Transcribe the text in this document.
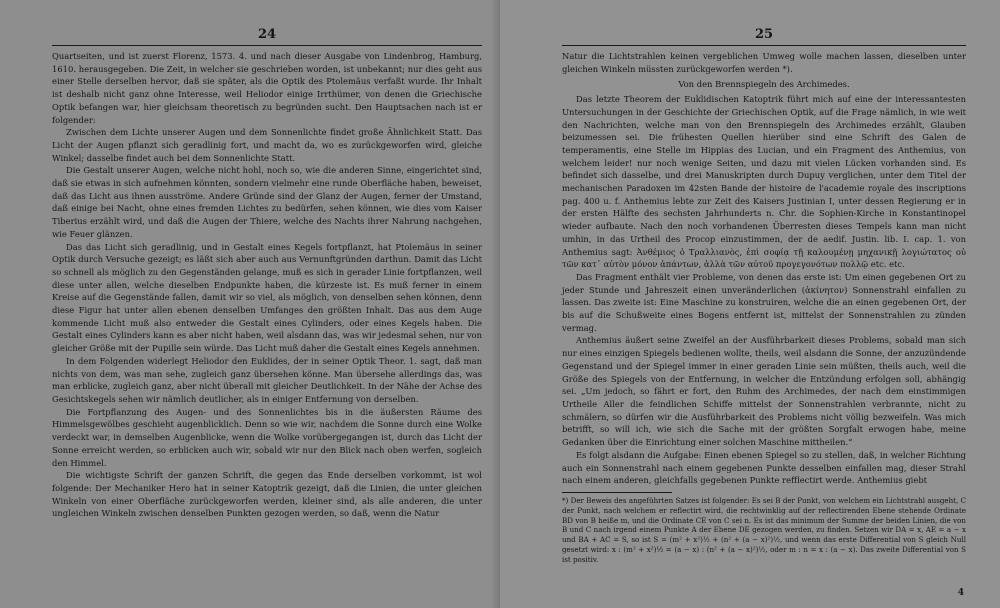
24

Quartseiten, und ist zuerst Florenz, 1573. 4. und nach dieser Ausgabe von Lindenbrog, Hamburg, 1610. herausgegeben. Die Zeit, in welcher sie geschrieben worden, ist unbekannt; nur dies geht aus einer Stelle derselben hervor, daß sie später, als die Optik des Ptolemäus verfaßt wurde. Ihr Inhalt ist deshalb nicht ganz ohne Interesse, weil Heliodor einige Irrthümer, von denen die Griechische Optik befangen war, hier gleichsam theoretisch zu begründen sucht. Den Hauptsachen nach ist er folgender:

Zwischen dem Lichte unserer Augen und dem Sonnenlichte findet große Ähnlichkeit Statt. Das Licht der Augen pflanzt sich geradlinig fort, und macht da, wo es zurückgeworfen wird, gleiche Winkel; dasselbe findet auch bei dem Sonnenlichte Statt.

Die Gestalt unserer Augen, welche nicht hohl, noch so, wie die anderen Sinne, eingerichtet sind, daß sie etwas in sich aufnehmen könnten, sondern vielmehr eine runde Oberfläche haben, beweiset, daß das Licht aus ihnen ausströme. Andere Gründe sind der Glanz der Augen, ferner der Umstand, daß einige bei Nacht, ohne eines fremden Lichtes zu bedürfen, sehen können, wie dies vom Kaiser Tiberius erzählt wird, und daß die Augen der Thiere, welche des Nachts ihrer Nahrung nachgehen, wie Feuer glänzen.

Das das Licht sich geradlinig, und in Gestalt eines Kegels fortpflanzt, hat Ptolemäus in seiner Optik durch Versuche gezeigt; es läßt sich aber auch aus Vernunftgründen darthun. Damit das Licht so schnell als möglich zu den Gegenständen gelange, muß es sich in gerader Linie fortpflanzen, weil diese unter allen, welche dieselben Endpunkte haben, die kürzeste ist. Es muß ferner in einem Kreise auf die Gegenstände fallen, damit wir so viel, als möglich, von denselben sehen können, denn diese Figur hat unter allen ebenen denselben Umfanges den größten Inhalt. Das aus dem Auge kommende Licht muß also entweder die Gestalt eines Cylinders, oder eines Kegels haben. Die Gestalt eines Cylinders kann es aber nicht haben, weil alsdann das, was wir jedesmal sehen, nur von gleicher Größe mit der Pupille sein würde. Das Licht muß daher die Gestalt eines Kegels annehmen.

In dem Folgenden widerlegt Heliodor den Euklides, der in seiner Optik Theor. 1. sagt, daß man nichts von dem, was man sehe, zugleich ganz übersehen könne. Man übersehe allerdings das, was man erblicke, zugleich ganz, aber nicht überall mit gleicher Deutlichkeit. In der Nähe der Achse des Gesichtskegels sehen wir nämlich deutlicher, als in einiger Entfernung von derselben.

Die Fortpflanzung des Augen- und des Sonnenlichtes bis in die äußersten Räume des Himmelsgewölbes geschieht augenblicklich. Denn so wie wir, nachdem die Sonne durch eine Wolke verdeckt war, in demselben Augenblicke, wenn die Wolke vorübergegangen ist, durch das Licht der Sonne erreicht werden, so erblicken auch wir, sobald wir nur den Blick nach oben werfen, sogleich den Himmel.

Die wichtigste Schrift der ganzen Schrift, die gegen das Ende derselben vorkommt, ist wol folgende: Der Mechaniker Hero hat in seiner Katoptrik gezeigt, daß die Linien, die unter gleichen Winkeln von einer Oberfläche zurückgeworfen werden, kleiner sind, als alle anderen, die unter ungleichen Winkeln zwischen denselben Punkten gezogen werden, so daß, wenn die Natur

25

Natur die Lichtstrahlen keinen vergeblichen Umweg wolle machen lassen, dieselben unter gleichen Winkeln müssten zurückgeworfen werden *).

Von den Brennspiegeln des Archimedes.

Das letzte Theorem der Euklidischen Katoptrik führt mich auf eine der interessantesten Untersuchungen in der Geschichte der Griechischen Optik, auf die Frage nämlich, in wie weit den Nachrichten, welche man von den Brennspiegeln des Archimedes erzählt, Glauben beizumessen sei. Die frühesten Quellen hierüber sind eine Schrift des Galen de temperamentis, eine Stelle im Hippias des Lucian, und ein Fragment des Anthemius, von welchem leider! nur noch wenige Seiten, und dazu mit vielen Lücken vorhanden sind. Es befindet sich dasselbe, und drei Manuskripten durch Dupuy verglichen, unter dem Titel der mechanischen Paradoxen im 42sten Bande der histoire de l'academie royale des inscriptions pag. 400 u. f. Anthemius lebte zur Zeit des Kaisers Justinian I, unter dessen Regierung er in der ersten Hälfte des sechsten Jahrhunderts n. Chr. die Sophien-Kirche in Konstantinopel wieder aufbaute. Nach den noch vorhandenen Überresten dieses Tempels kann man nicht umhin, in das Urtheil des Procop einzustimmen, der de aedif. Justin. lib. I. cap. 1. von Anthemius sagt: Ἀνθέμιος ὁ Τραλλιανὸς, ἐπὶ σοφίᾳ τῇ καλουμένῃ μηχανικῇ λογιώτατος οὐ τῶν κατ᾽ αὐτὸν μόνον ἀπάντων, ἀλλὰ τῶν αὐτοῦ προγεγονότων πολλῷ etc. etc.

Das Fragment enthält vier Probleme, von denen das erste ist: Um einen gegebenen Ort zu jeder Stunde und Jahreszeit einen unveränderlichen (ἀκίνητον) Sonnenstrahl einfallen zu lassen. Das zweite ist: Eine Maschine zu konstruiren, welche die an einen gegebenen Ort, der bis auf die Schußweite eines Bogens entfernt ist, mittelst der Sonnenstrahlen zu zünden vermag.

Anthemius äußert seine Zweifel an der Ausführbarkeit dieses Problems, sobald man sich nur eines einzigen Spiegels bedienen wollte, theils, weil alsdann die Sonne, der anzuzündende Gegenstand und der Spiegel immer in einer geraden Linie sein müßten, theils auch, weil die Größe des Spiegels von der Entfernung, in welcher die Entzündung erfolgen soll, abhängig sei. „Um jedoch, so fährt er fort, den Ruhm des Archimedes, der nach dem einstimmigen Urtheile Aller die feindlichen Schiffe mittelst der Sonnenstrahlen verbrannte, nicht zu schmälern, so dürfen wir die Ausführbarkeit des Problems nicht völlig bezweifeln. Was mich betrifft, so will ich, wie sich die Sache mit der größten Sorgfalt erwogen habe, meine Gedanken über die Einrichtung einer solchen Maschine mittheilen.“

Es folgt alsdann die Aufgabe: Einen ebenen Spiegel so zu stellen, daß, in welcher Richtung auch ein Sonnenstrahl nach einem gegebenen Punkte desselben einfallen mag, dieser Strahl nach einem anderen, gleichfalls gegebenen Punkte refflectirt werde. Anthemius giebt

*) Der Beweis des angeführten Satzes ist folgender: Es sei B der Punkt, von welchem ein Lichtstrahl ausgeht, C der Punkt, nach welchem er reflectirt wird, die rechtwinklig auf der reflectirenden Ebene stehende Ordinate BD von B heiße m, und die Ordinate CE von C sei n. Es ist das minimum der Summe der beiden Linien, die von B und C nach irgend einem Punkte A der Ebene DE gezogen werden, zu finden. Setzen wir DA = x, AE = a − x und BA + AC = S, so ist S = (m² + x²)½ + (n² + (a − x)²)½, und wenn das erste Differential von S gleich Null gesetzt wird: x : (m² + x²)½ = (a − x) : (n² + (a − x)²)½, oder m : n = x : (a − x). Das zweite Differential von S ist positiv.

4
